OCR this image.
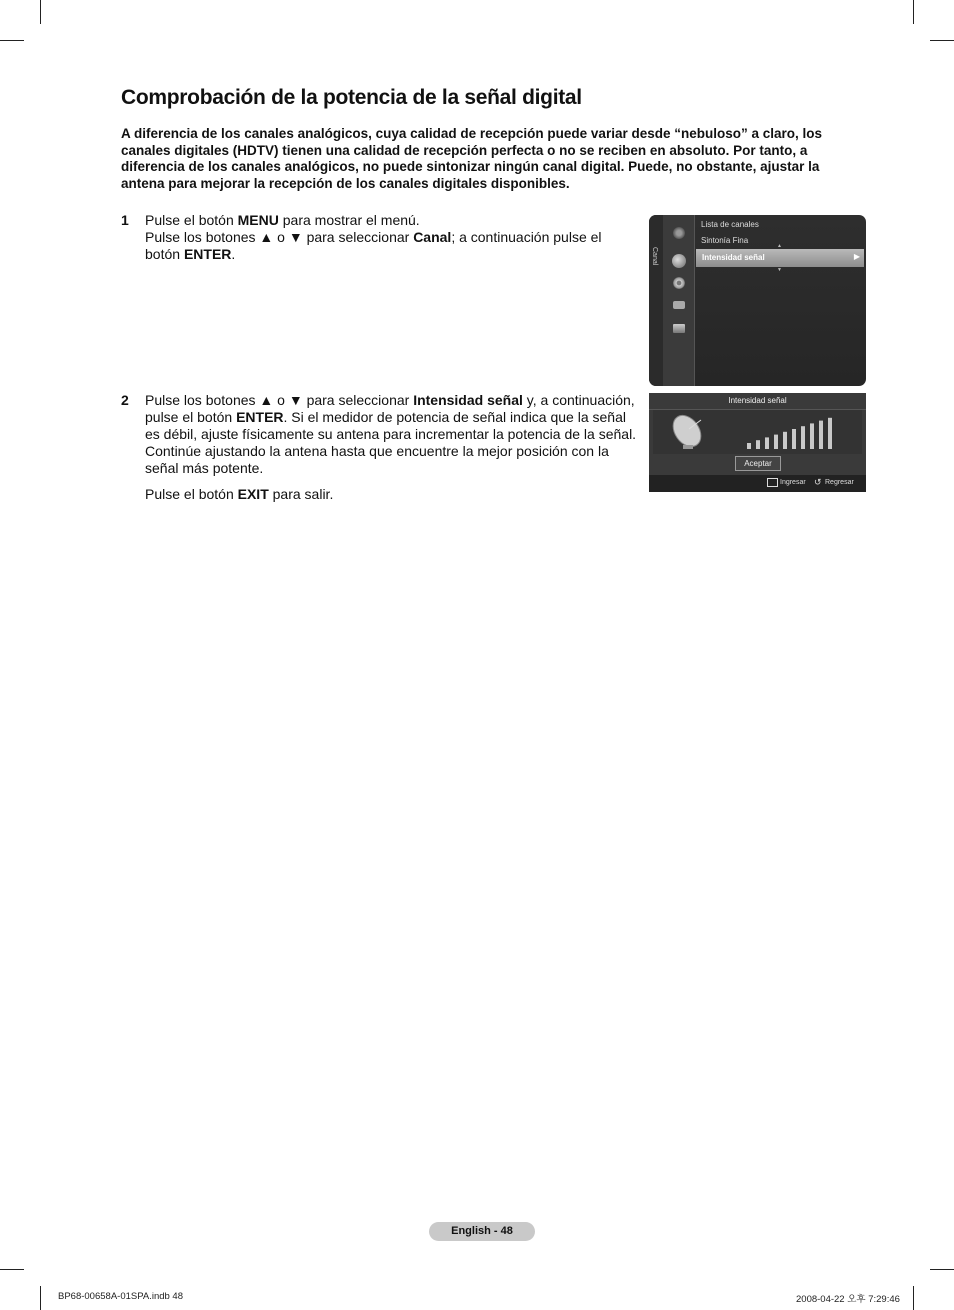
Comprobación de la potencia de la señal digital
A diferencia de los canales analógicos, cuya calidad de recepción puede variar desde “nebuloso” a claro, los canales digitales (HDTV) tienen una calidad de recepción perfecta o no se reciben en absoluto. Por tanto, a diferencia de los canales analógicos, no puede sintonizar ningún canal digital. Puede, no obstante, ajustar la antena para mejorar la recepción de los canales digitales disponibles.
1 Pulse el botón MENU para mostrar el menú.
Pulse los botones ▲ o ▼ para seleccionar Canal; a continuación pulse el botón ENTER.
2 Pulse los botones ▲ o ▼ para seleccionar Intensidad señal y, a continuación, pulse el botón ENTER. Si el medidor de potencia de señal indica que la señal es débil, ajuste físicamente su antena para incrementar la potencia de la señal. Continúe ajustando la antena hasta que encuentre la mejor posición con la señal más potente.
Pulse el botón EXIT para salir.
Canal
Lista de canales
Sintonía Fina
▲
Intensidad señal	▶
▼
Intensidad señal
Aceptar
Ingresar ↺ Regresar
English - 48
BP68-00658A-01SPA.indb 48	2008-04-22 오후 7:29:46
